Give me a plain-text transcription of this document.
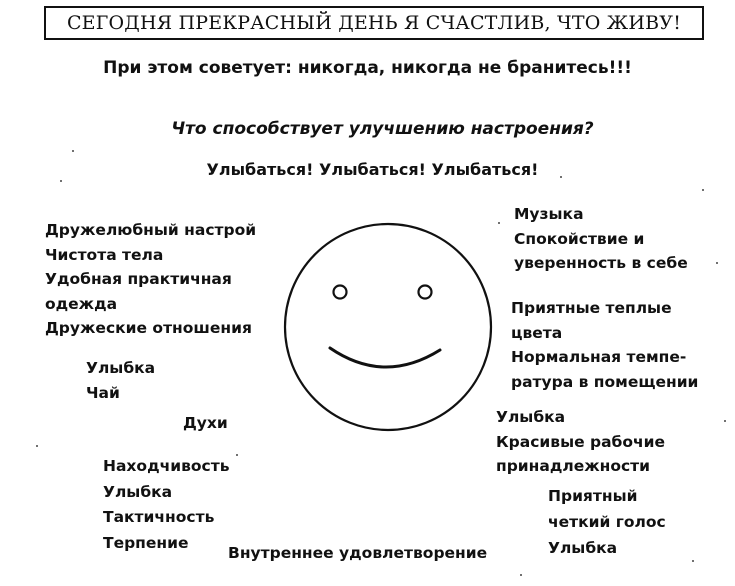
СЕГОДНЯ ПРЕКРАСНЫЙ ДЕНЬ Я СЧАСТЛИВ, ЧТО ЖИВУ!
При этом советует: никогда, никогда не бранитесь!!!
Что способствует улучшению настроения?
Улыбаться! Улыбаться! Улыбаться!
Дружелюбный настрой
Чистота тела
Удобная практичная
одежда
Дружеские отношения
Улыбка
Чай
Духи
Находчивость
Улыбка
Тактичность
Терпение
Внутреннее удовлетворение
Музыка
Спокойствие и
уверенность в себе
Приятные теплые
цвета
Нормальная темпе-
ратура в помещении
Улыбка
Красивые рабочие
принадлежности
Приятный
четкий голос
Улыбка
